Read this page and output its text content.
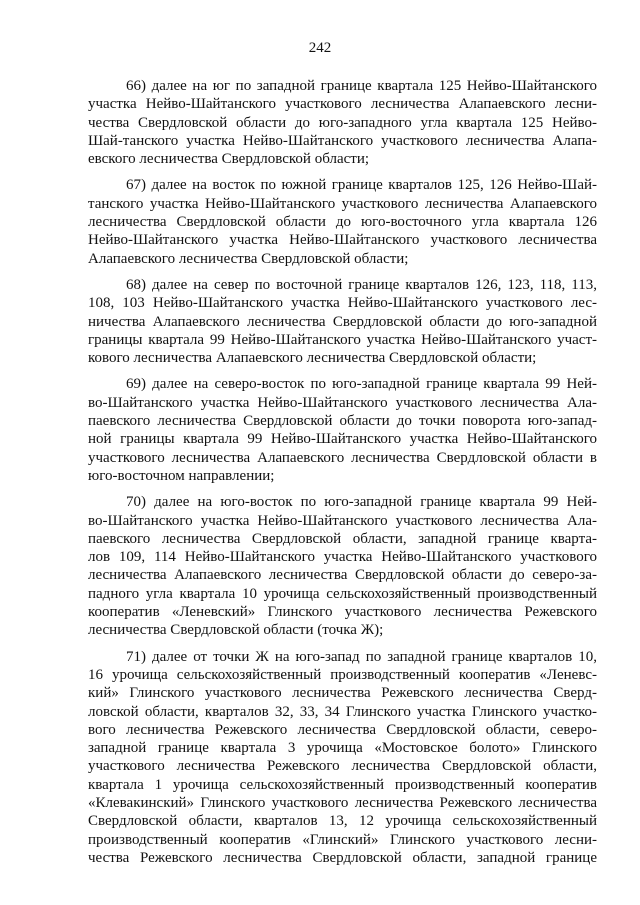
242

66) далее на юг по западной границе квартала 125 Нейво-Шайтанского
участка Нейво-Шайтанского участкового лесничества Алапаевского лесни-
чества Свердловской области до юго-западного угла квартала 125 Нейво-
Шай-танского участка Нейво-Шайтанского участкового лесничества Алапа-
евского лесничества Свердловской области;

67) далее на восток по южной границе кварталов 125, 126 Нейво-Шай-
танского участка Нейво-Шайтанского участкового лесничества Алапаевского
лесничества Свердловской области до юго-восточного угла квартала 126
Нейво-Шайтанского участка Нейво-Шайтанского участкового лесничества
Алапаевского лесничества Свердловской области;

68) далее на север по восточной границе кварталов 126, 123, 118, 113,
108, 103 Нейво-Шайтанского участка Нейво-Шайтанского участкового лес-
ничества Алапаевского лесничества Свердловской области до юго-западной
границы квартала 99 Нейво-Шайтанского участка Нейво-Шайтанского участ-
кового лесничества Алапаевского лесничества Свердловской области;

69) далее на северо-восток по юго-западной границе квартала 99 Ней-
во-Шайтанского участка Нейво-Шайтанского участкового лесничества Ала-
паевского лесничества Свердловской области до точки поворота юго-запад-
ной границы квартала 99 Нейво-Шайтанского участка Нейво-Шайтанского
участкового лесничества Алапаевского лесничества Свердловской области в
юго-восточном направлении;

70) далее на юго-восток по юго-западной границе квартала 99 Ней-
во-Шайтанского участка Нейво-Шайтанского участкового лесничества Ала-
паевского лесничества Свердловской области, западной границе кварта-
лов 109, 114 Нейво-Шайтанского участка Нейво-Шайтанского участкового
лесничества Алапаевского лесничества Свердловской области до северо-за-
падного угла квартала 10 урочища сельскохозяйственный производственный
кооператив «Леневский» Глинского участкового лесничества Режевского
лесничества Свердловской области (точка Ж);

71) далее от точки Ж на юго-запад по западной границе кварталов 10,
16 урочища сельскохозяйственный производственный кооператив «Леневс-
кий» Глинского участкового лесничества Режевского лесничества Сверд-
ловской области, кварталов 32, 33, 34 Глинского участка Глинского участко-
вого лесничества Режевского лесничества Свердловской области, северо-
западной границе квартала 3 урочища «Мостовское болото» Глинского
участкового лесничества Режевского лесничества Свердловской области,
квартала 1 урочища сельскохозяйственный производственный кооператив
«Клевакинский» Глинского участкового лесничества Режевского лесничества
Свердловской области, кварталов 13, 12 урочища сельскохозяйственный
производственный кооператив «Глинский» Глинского участкового лесни-
чества Режевского лесничества Свердловской области, западной границе
